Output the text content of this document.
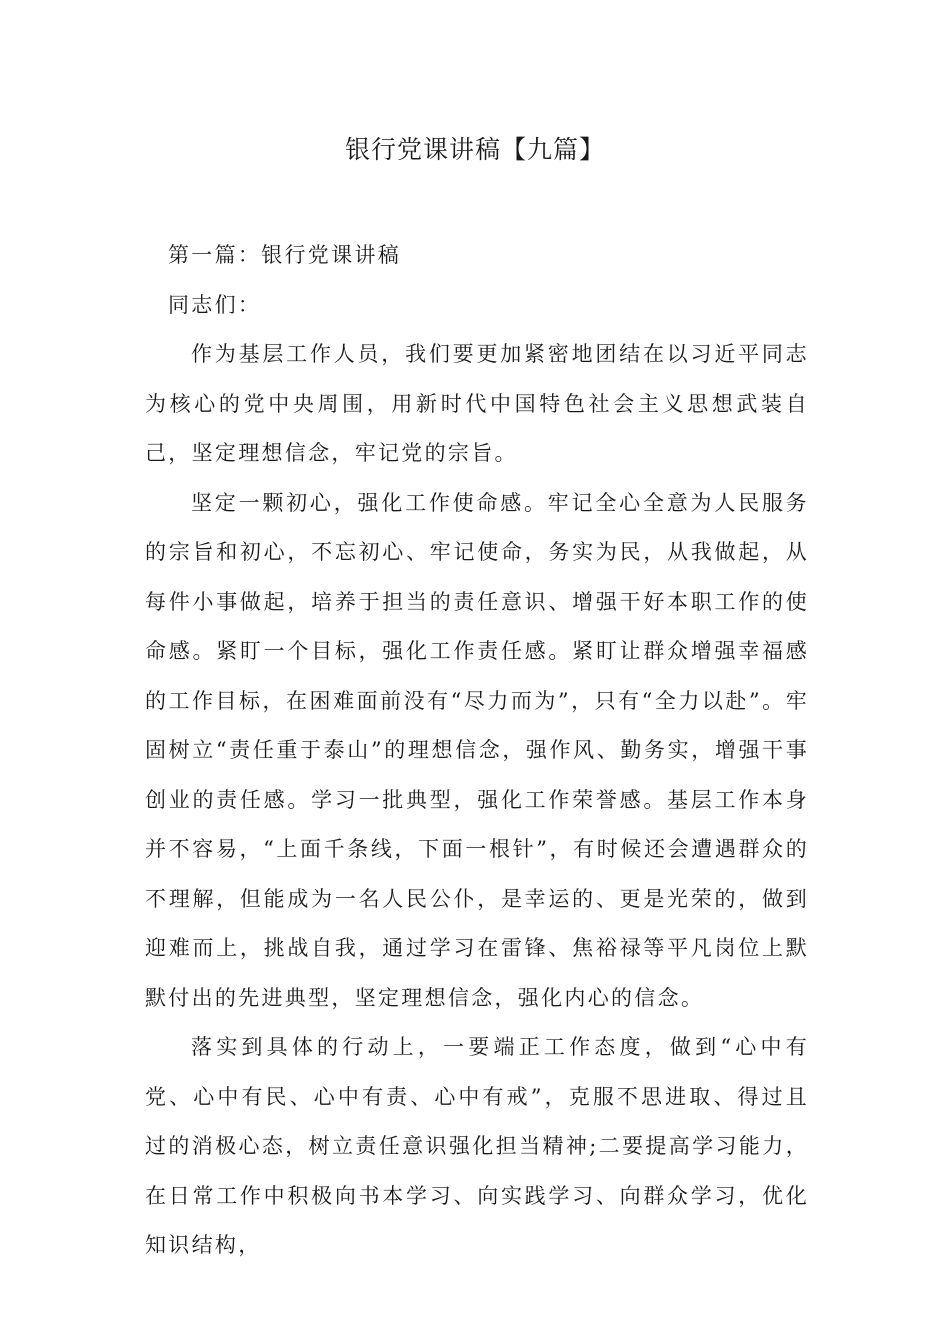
银行党课讲稿【九篇】

第一篇：银行党课讲稿

同志们：

作为基层工作人员，我们要更加紧密地团结在以习近平同志为核心的党中央周围，用新时代中国特色社会主义思想武装自己，坚定理想信念，牢记党的宗旨。

坚定一颗初心，强化工作使命感。牢记全心全意为人民服务的宗旨和初心，不忘初心、牢记使命，务实为民，从我做起，从每件小事做起，培养于担当的责任意识、增强干好本职工作的使命感。紧盯一个目标，强化工作责任感。紧盯让群众增强幸福感的工作目标，在困难面前没有“尽力而为”，只有“全力以赴”。牢固树立“责任重于泰山”的理想信念，强作风、勤务实，增强干事创业的责任感。学习一批典型，强化工作荣誉感。基层工作本身并不容易，“上面千条线，下面一根针”，有时候还会遭遇群众的不理解，但能成为一名人民公仆，是幸运的、更是光荣的，做到迎难而上，挑战自我，通过学习在雷锋、焦裕禄等平凡岗位上默默付出的先进典型，坚定理想信念，强化内心的信念。

落实到具体的行动上，一要端正工作态度，做到“心中有党、心中有民、心中有责、心中有戒”，克服不思进取、得过且过的消极心态，树立责任意识强化担当精神;二要提高学习能力，在日常工作中积极向书本学习、向实践学习、向群众学习，优化知识结构，
